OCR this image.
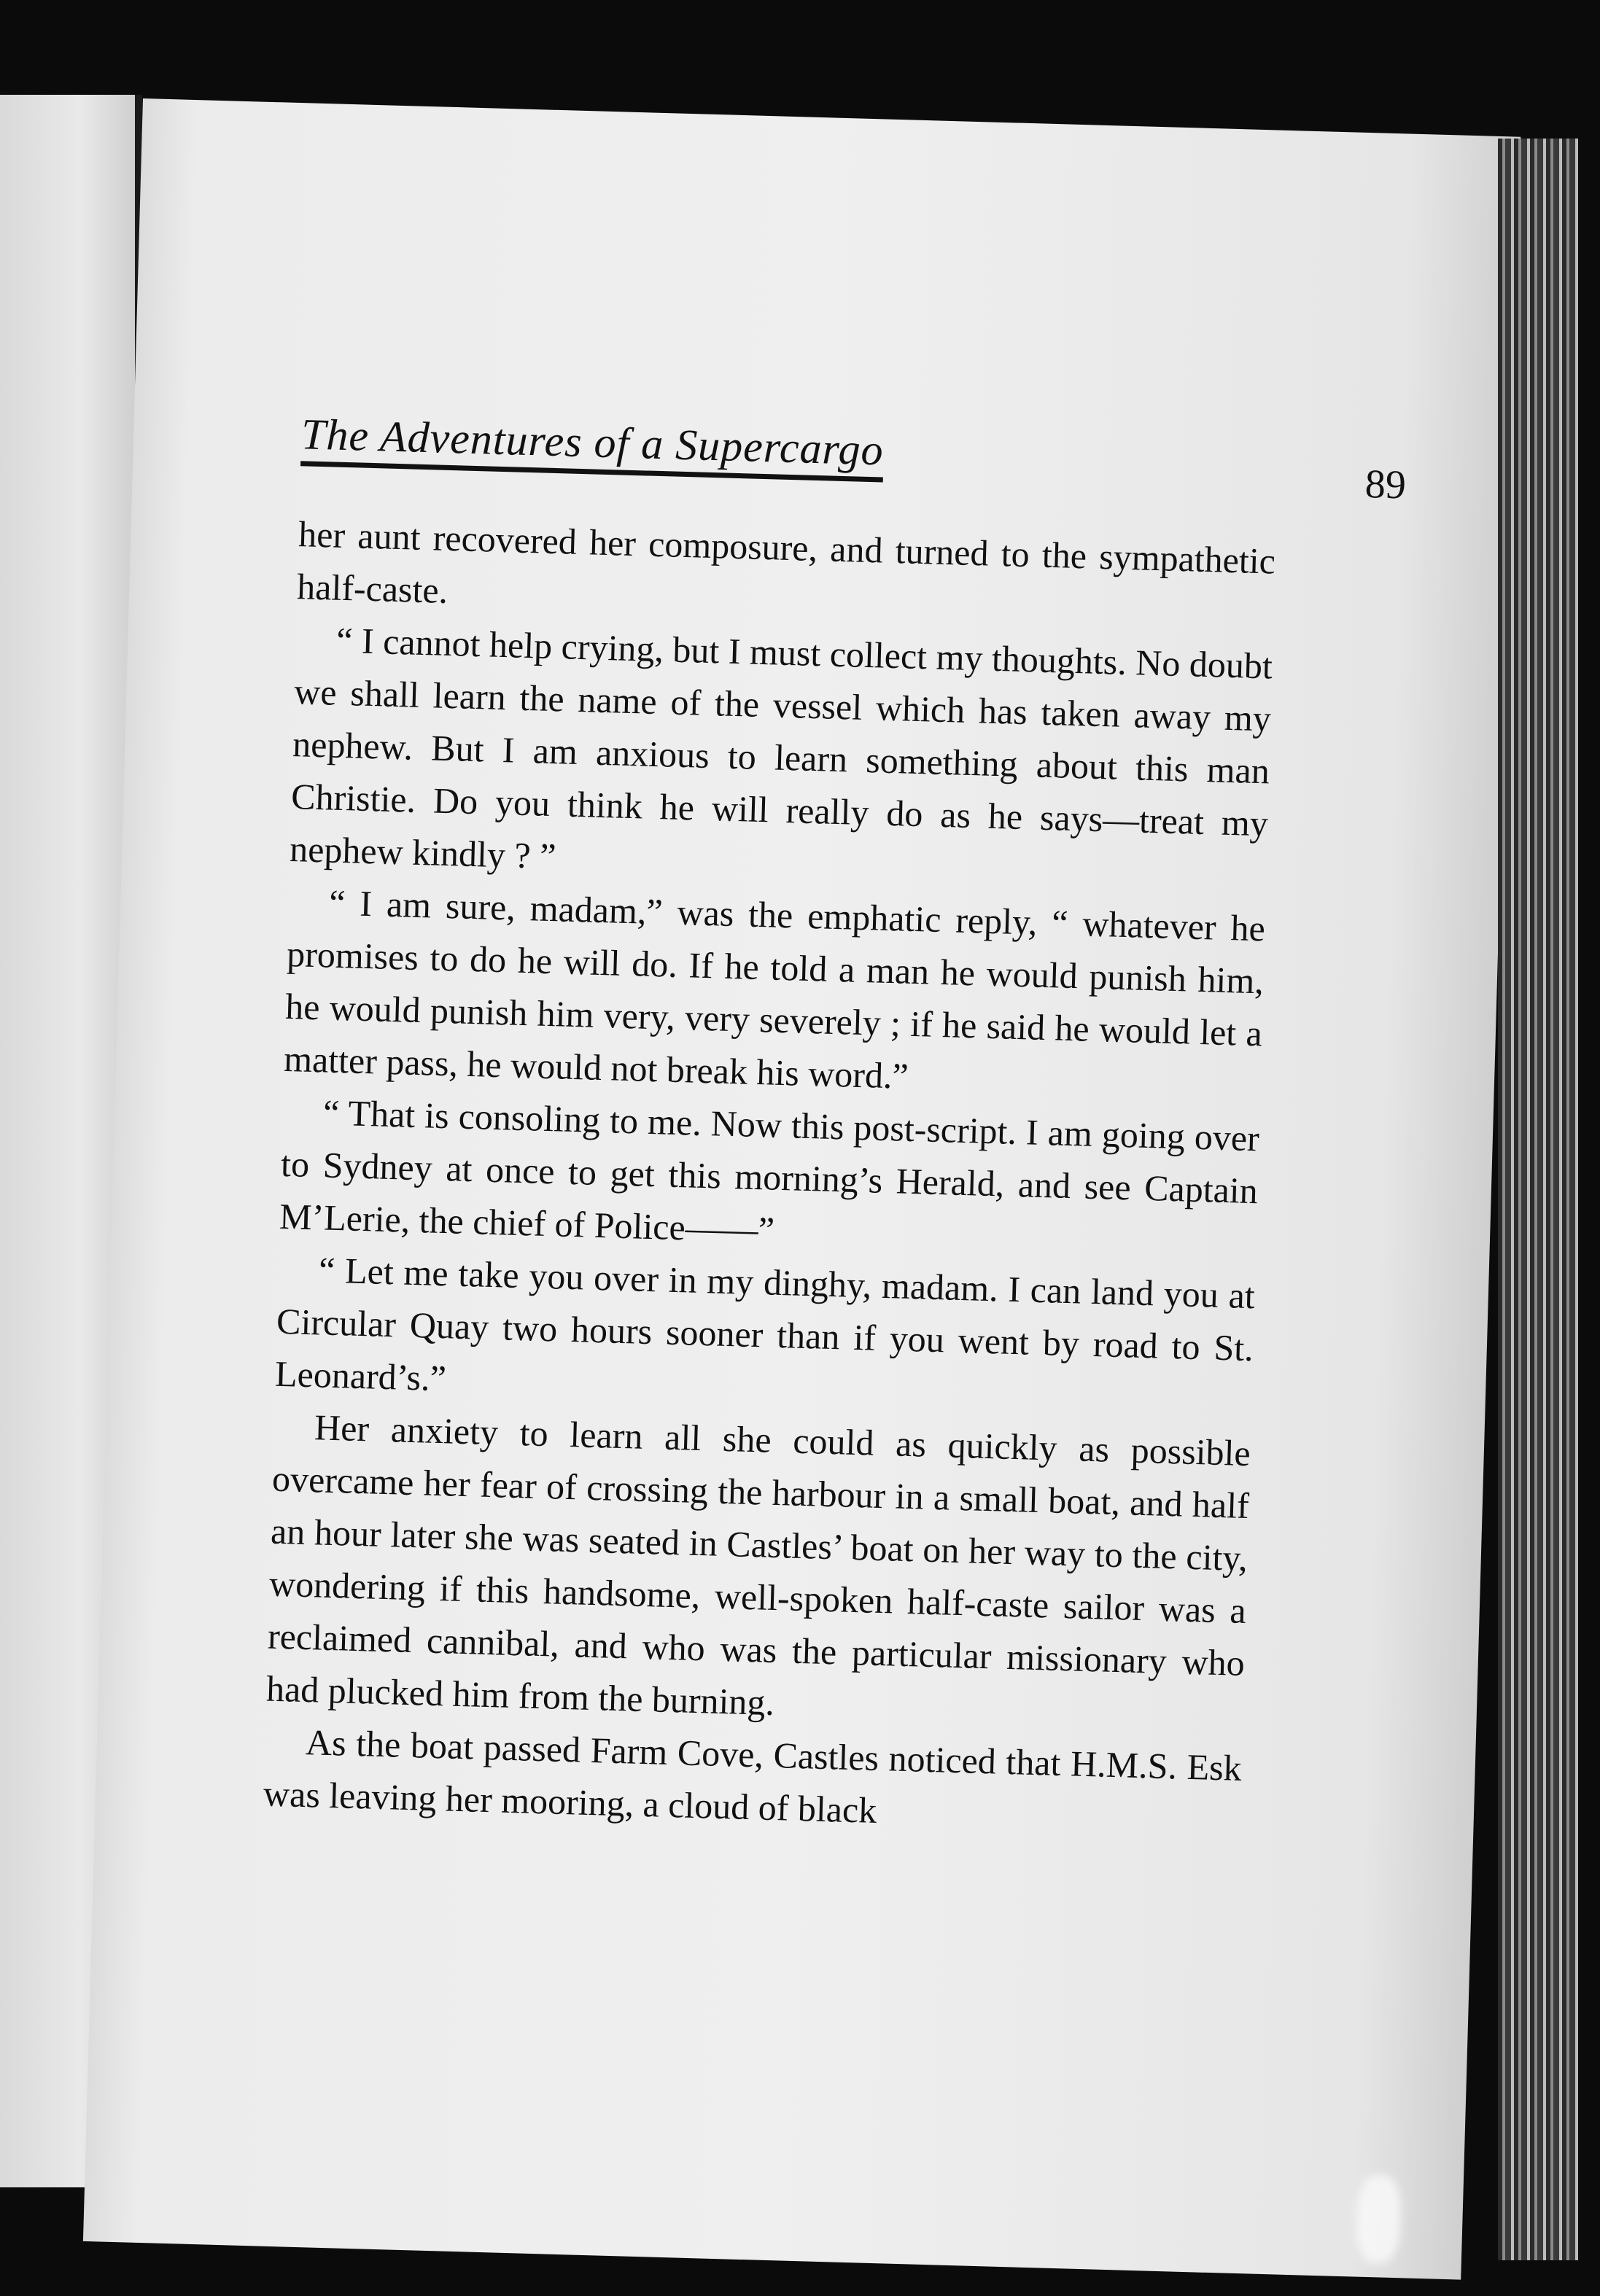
The Adventures of a Supercargo
89

her aunt recovered her composure, and turned to the sympathetic half-caste.

“ I cannot help crying, but I must collect my thoughts. No doubt we shall learn the name of the vessel which has taken away my nephew. But I am anxious to learn something about this man Christie. Do you think he will really do as he says—treat my nephew kindly ? ”

“ I am sure, madam,” was the emphatic reply, “ whatever he promises to do he will do. If he told a man he would punish him, he would punish him very, very severely ; if he said he would let a matter pass, he would not break his word.”

“ That is consoling to me. Now this post-script. I am going over to Sydney at once to get this morning’s Herald, and see Captain M’Lerie, the chief of Police——”

“ Let me take you over in my dinghy, madam. I can land you at Circular Quay two hours sooner than if you went by road to St. Leonard’s.”

Her anxiety to learn all she could as quickly as possible overcame her fear of crossing the harbour in a small boat, and half an hour later she was seated in Castles’ boat on her way to the city, wondering if this handsome, well-spoken half-caste sailor was a reclaimed cannibal, and who was the particular missionary who had plucked him from the burning.

As the boat passed Farm Cove, Castles noticed that H.M.S. Esk was leaving her mooring, a cloud of black
